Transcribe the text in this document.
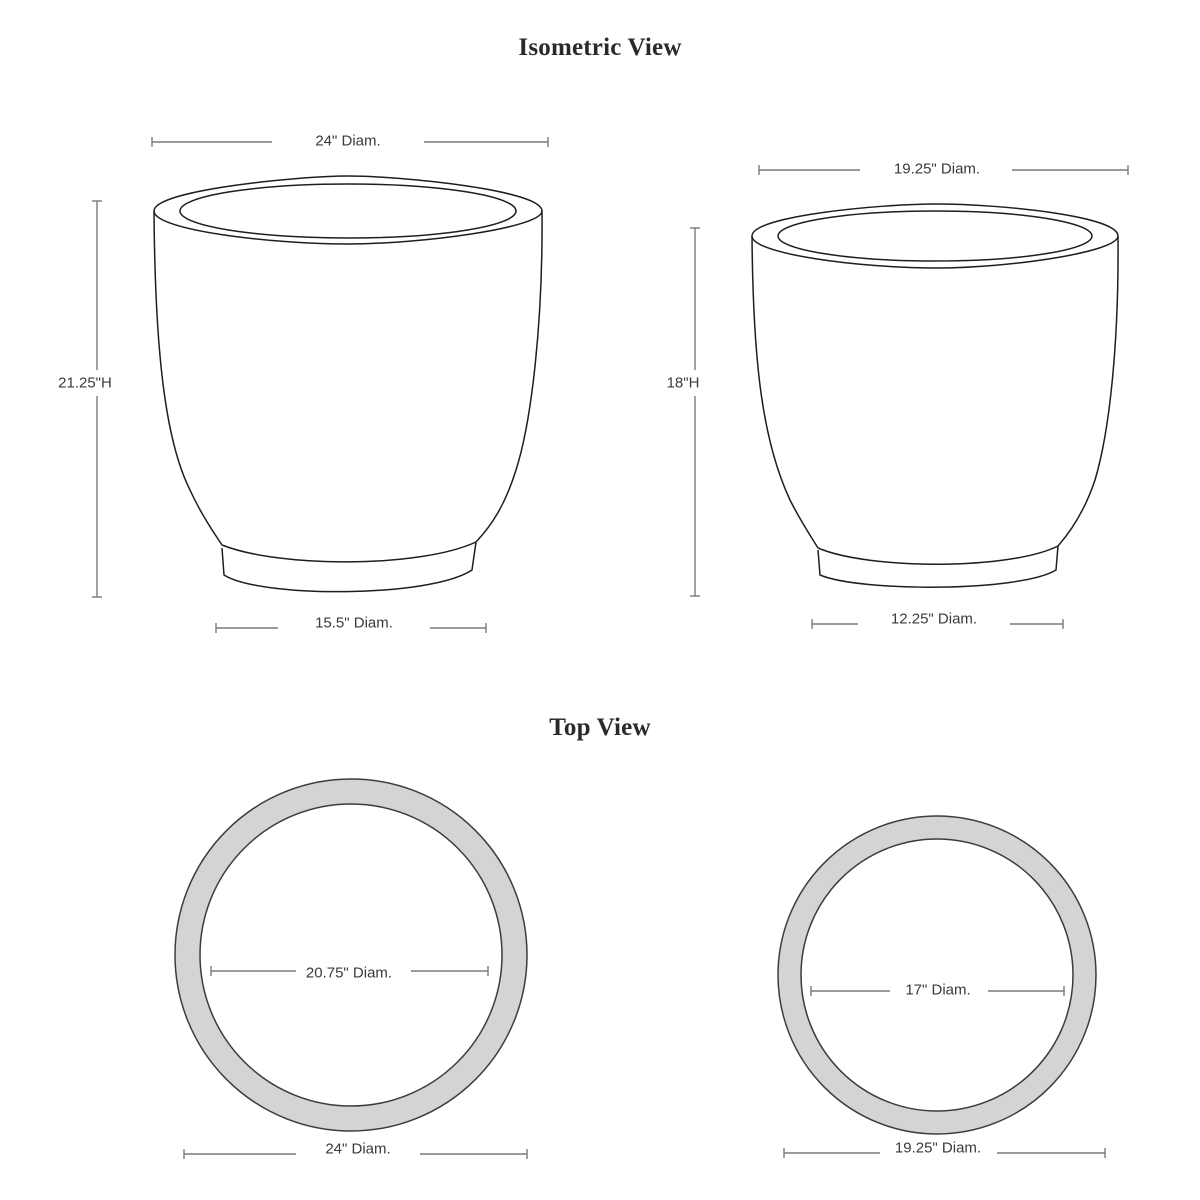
Isometric View
Top View
24" Diam.
21.25"H
15.5" Diam.
19.25" Diam.
18"H
12.25" Diam.
20.75" Diam.
24" Diam.
17" Diam.
19.25" Diam.
